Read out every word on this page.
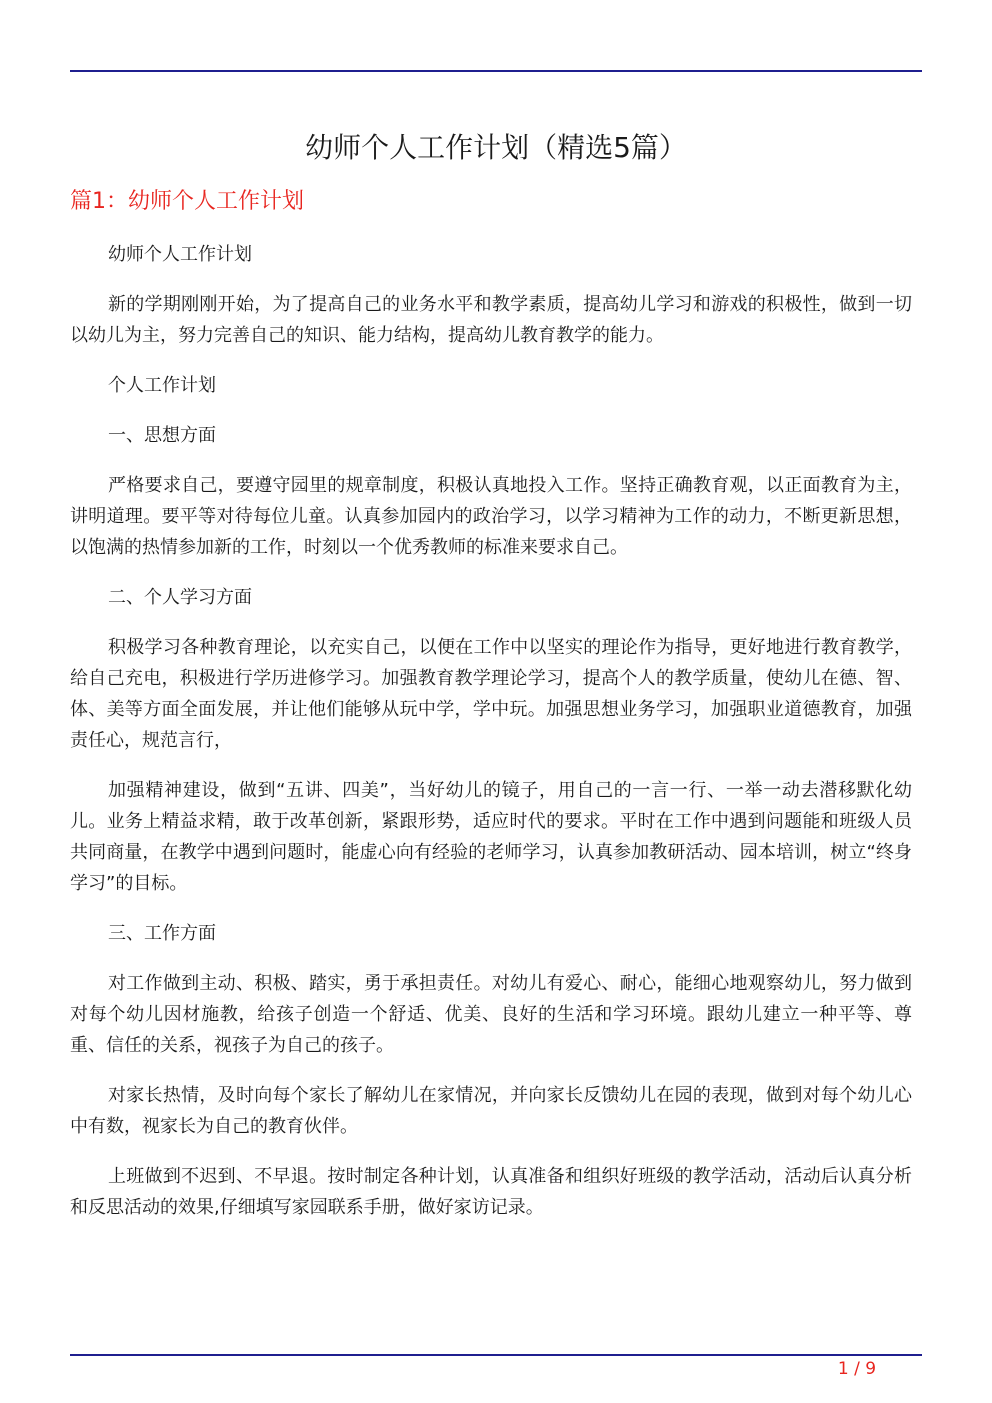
幼师个人工作计划（精选5篇）
篇1：幼师个人工作计划

幼师个人工作计划

新的学期刚刚开始，为了提高自己的业务水平和教学素质，提高幼儿学习和游戏的积极性，做到一切以幼儿为主，努力完善自己的知识、能力结构，提高幼儿教育教学的能力。

个人工作计划

一、思想方面

严格要求自己，要遵守园里的规章制度，积极认真地投入工作。坚持正确教育观，以正面教育为主，讲明道理。要平等对待每位儿童。认真参加园内的政治学习，以学习精神为工作的动力，不断更新思想，以饱满的热情参加新的工作，时刻以一个优秀教师的标准来要求自己。

二、个人学习方面

积极学习各种教育理论，以充实自己，以便在工作中以坚实的理论作为指导，更好地进行教育教学，给自己充电，积极进行学历进修学习。加强教育教学理论学习，提高个人的教学质量，使幼儿在德、智、体、美等方面全面发展，并让他们能够从玩中学，学中玩。加强思想业务学习，加强职业道德教育，加强责任心，规范言行，

加强精神建设，做到“五讲、四美”，当好幼儿的镜子，用自己的一言一行、一举一动去潜移默化幼儿。业务上精益求精，敢于改革创新，紧跟形势，适应时代的要求。平时在工作中遇到问题能和班级人员共同商量，在教学中遇到问题时，能虚心向有经验的老师学习，认真参加教研活动、园本培训，树立“终身学习”的目标。

三、工作方面

对工作做到主动、积极、踏实，勇于承担责任。对幼儿有爱心、耐心，能细心地观察幼儿，努力做到对每个幼儿因材施教，给孩子创造一个舒适、优美、良好的生活和学习环境。跟幼儿建立一种平等、尊重、信任的关系，视孩子为自己的孩子。

对家长热情，及时向每个家长了解幼儿在家情况，并向家长反馈幼儿在园的表现，做到对每个幼儿心中有数，视家长为自己的教育伙伴。

上班做到不迟到、不早退。按时制定各种计划，认真准备和组织好班级的教学活动，活动后认真分析和反思活动的效果,仔细填写家园联系手册，做好家访记录。

1 / 9
